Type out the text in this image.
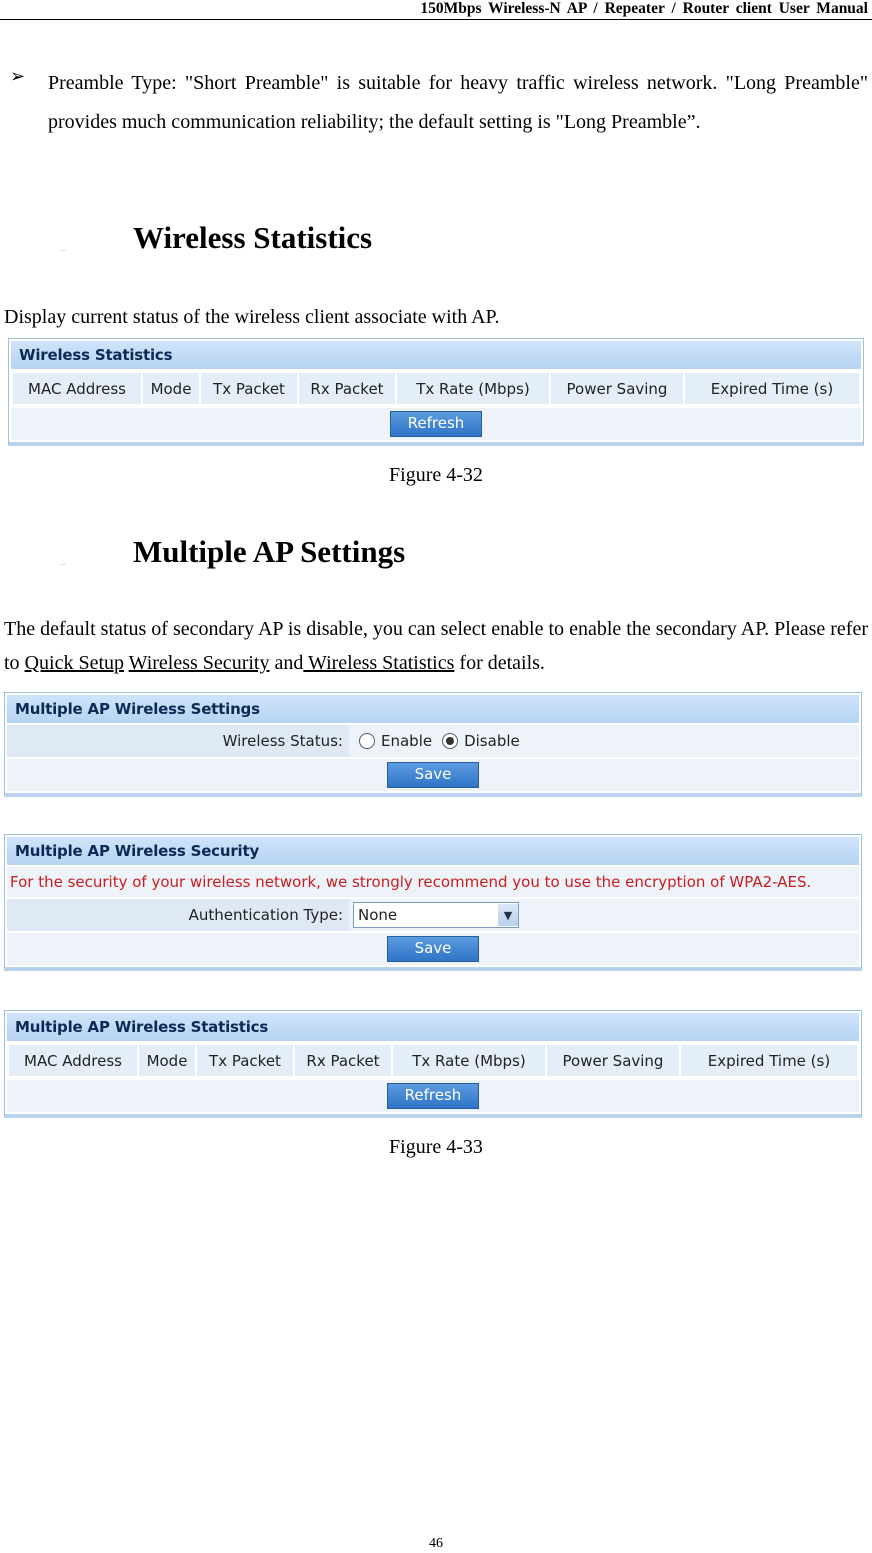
150Mbps Wireless-N AP / Repeater / Router client User Manual
➢ Preamble Type: "Short Preamble" is suitable for heavy traffic wireless network. "Long Preamble" provides much communication reliability; the default setting is "Long Preamble”.
— Wireless Statistics
Display current status of the wireless client associate with AP.
Wireless Statistics
MAC Address	Mode	Tx Packet	Rx Packet	Tx Rate (Mbps)	Power Saving	Expired Time (s)
Refresh
Figure 4-32
— Multiple AP Settings
The default status of secondary AP is disable, you can select enable to enable the secondary AP. Please refer to Quick Setup Wireless Security and Wireless Statistics for details.
Multiple AP Wireless Settings
Wireless Status:	Enable Disable
Save
Multiple AP Wireless Security
For the security of your wireless network, we strongly recommend you to use the encryption of WPA2-AES.
Authentication Type:	None	▼
Save
Multiple AP Wireless Statistics
MAC Address	Mode	Tx Packet	Rx Packet	Tx Rate (Mbps)	Power Saving	Expired Time (s)
Refresh
Figure 4-33
46
